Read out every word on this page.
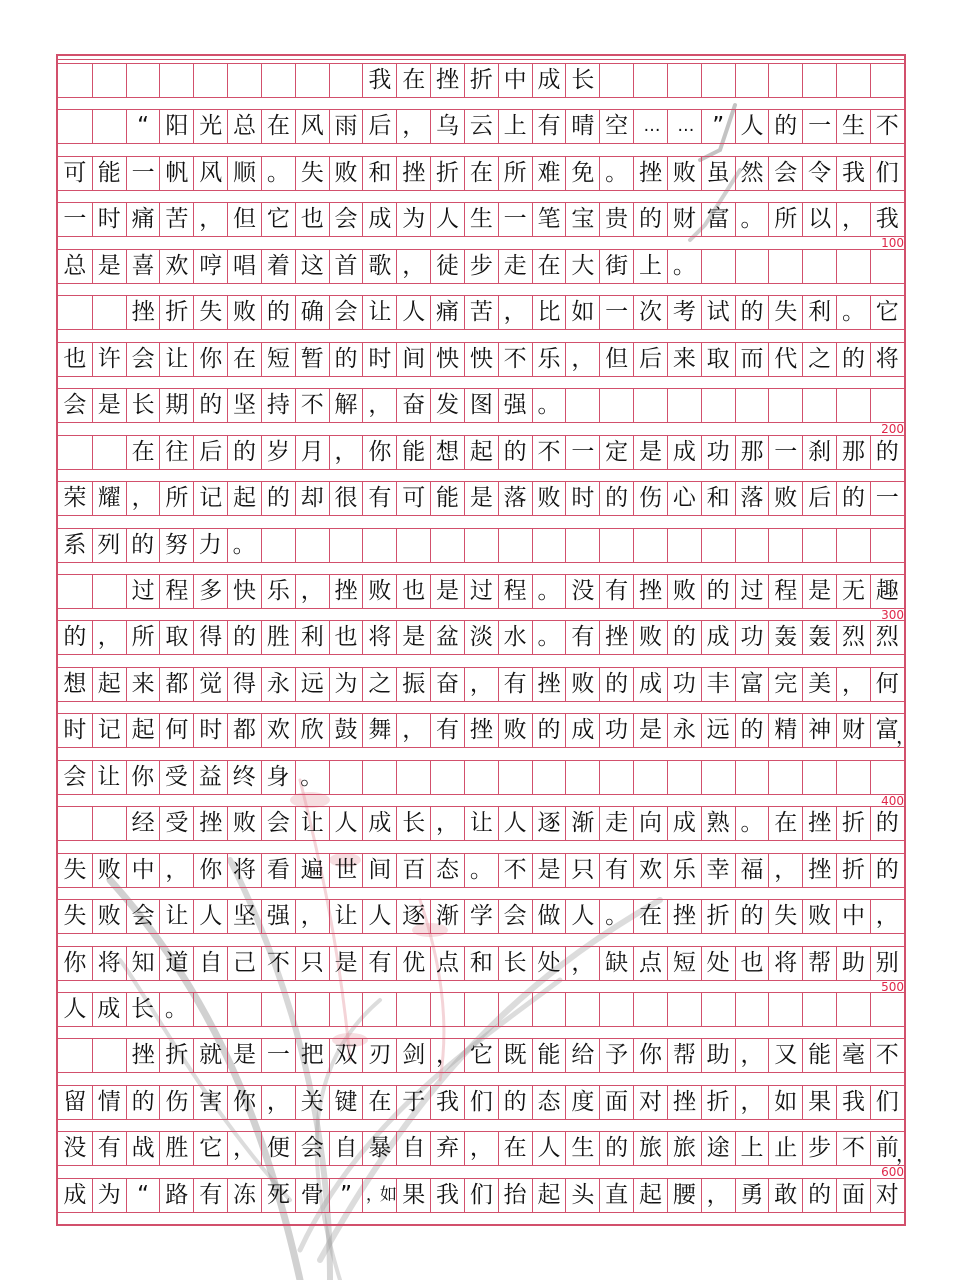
我 在 挫 折 中 成 长
“ 阳 光 总 在 风 雨 后 ， 乌 云 上 有 晴 空 …	… ” 人 的 一 生 不
可 能 一 帆 风 顺 。 失 败 和 挫 折 在 所 难 免 。 挫 败 虽 然 会 令 我 们
一 时 痛 苦 ， 但 它 也 会 成 为 人 生 一 笔 宝 贵 的 财 富 。 所 以 ， 我
100
总 是 喜 欢 哼 唱 着 这 首 歌 ， 徒 步 走 在 大 街 上 。
挫 折 失 败 的 确 会 让 人 痛 苦 ， 比 如 一 次 考 试 的 失 利 。 它
也 许 会 让 你 在 短 暂 的 时 间 怏 怏 不 乐 ， 但 后 来 取 而 代 之 的 将
会 是 长 期 的 坚 持 不 解 ， 奋 发 图 强 。
200
在 往 后 的 岁 月 ， 你 能 想 起 的 不 一 定 是 成 功 那 一 刹 那 的
荣 耀 ， 所 记 起 的 却 很 有 可 能 是 落 败 时 的 伤 心 和 落 败 后 的 一
系列的努力。
过 程 多 快 乐 ， 挫 败 也 是 过 程 。 没 有 挫 败 的 过 程 是 无 趣
300
的 ， 所 取 得 的 胜 利 也 将 是 盆 淡 水 。 有 挫 败 的 成 功 轰 轰 烈 烈
想 起 来 都 觉 得 永 远 为 之 振 奋 ， 有 挫 败 的 成 功 丰 富 完 美 ， 何
时 记 起 何 时 都 欢 欣 鼓 舞 ， 有 挫 败 的 成 功 是 永 远 的 精 神 财 富
，
会让你受益终身。
400
经 受 挫 败 会 让 人 成 长 ， 让 人 逐 渐 走 向 成 熟 。 在 挫 折 的
失 败 中 ， 你 将 看 遍 世 间 百 态 。 不 是 只 有 欢 乐 幸 福 ， 挫 折 的
失 败 会 让 人 坚 强 ， 让 人 逐 渐 学 会 做 人 。 在 挫 折 的 失 败 中 ，
你 将 知 道 自 己 不 只 是 有 优 点 和 长 处 ， 缺 点 短 处 也 将 帮 助 别
500
人成长。
挫 折 就 是 一 把 双 刃 剑 ， 它 既 能 给 予 你 帮 助 ， 又 能 毫 不
留 情 的 伤 害 你 ， 关 键 在 于 我 们 的 态 度 面 对 挫 折 ， 如 果 我 们
没 有 战 胜 它 ， 便 会 自 暴 自 弃 ， 在 人 生 的 旅 旅 途 上 止 步 不 前
，
600
成 为 “ 路 有 冻 死 骨 ” ，如 果 我 们 抬 起 头 直 起 腰 ， 勇 敢 的 面 对
